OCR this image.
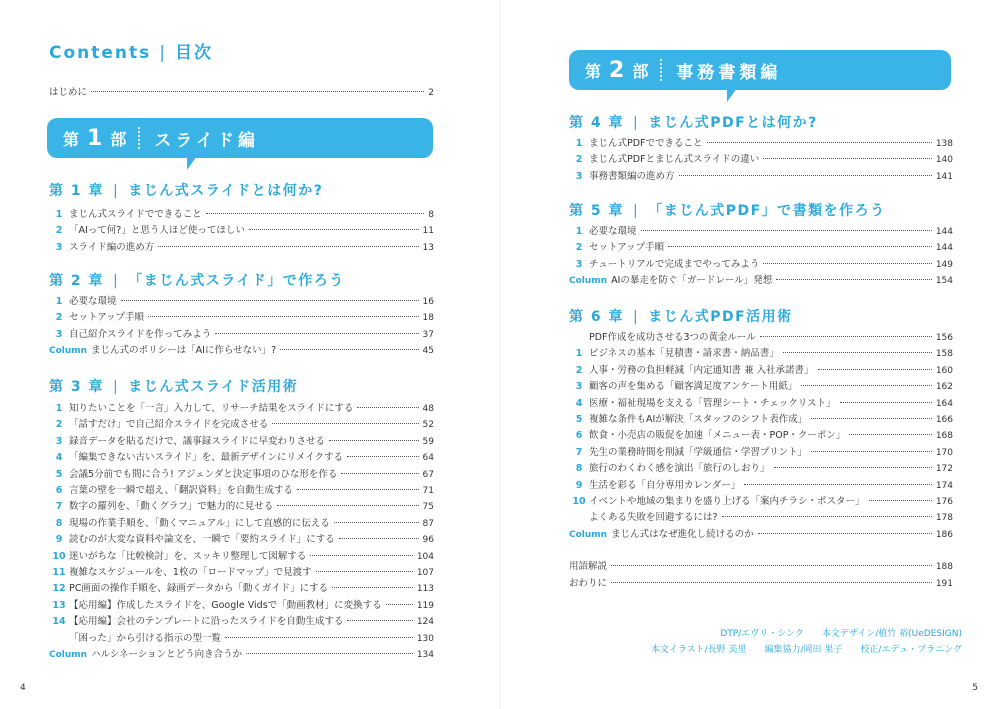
Contents | 目次
はじめに	2
第 1 部 スライド編
第 1 章 | まじん式スライドとは何か?
1 まじん式スライドでできること	8
2 「AIって何?」と思う人ほど使ってほしい	11
3 スライド編の進め方	13
第 2 章 | 「まじん式スライド」で作ろう
1 必要な環境	16
2 セットアップ手順	18
3 自己紹介スライドを作ってみよう	37
Column まじん式のポリシーは「AIに作らせない」?	45
第 3 章 | まじん式スライド活用術
1 知りたいことを「一言」入力して、リサーチ結果をスライドにする	48
2 「話すだけ」で自己紹介スライドを完成させる	52
3 録音データを貼るだけで、議事録スライドに早変わりさせる	59
4 「編集できない古いスライド」を、最新デザインにリメイクする	64
5 会議5分前でも間に合う! アジェンダと決定事項のひな形を作る	67
6 言葉の壁を一瞬で超え、「翻訳資料」を自動生成する	71
7 数字の羅列を、「動くグラフ」で魅力的に見せる	75
8 現場の作業手順を、「動くマニュアル」にして直感的に伝える	87
9 読むのが大変な資料や論文を、一瞬で「要約スライド」にする	96
10 迷いがちな「比較検討」を、スッキリ整理して図解する	104
11 複雑なスケジュールを、1枚の「ロードマップ」で見渡す	107
12 PC画面の操作手順を、録画データから「動くガイド」にする	113
13 【応用編】作成したスライドを、Google Vidsで「動画教材」に変換する	119
14 【応用編】会社のテンプレートに沿ったスライドを自動生成する	124
「困った」から引ける指示の型一覧	130
Column ハルシネーションとどう向き合うか	134
4
第 2 部 事務書類編
第 4 章 | まじん式PDFとは何か?
1 まじん式PDFでできること	138
2 まじん式PDFとまじん式スライドの違い	140
3 事務書類編の進め方	141
第 5 章 | 「まじん式PDF」で書類を作ろう
1 必要な環境	144
2 セットアップ手順	144
3 チュートリアルで完成までやってみよう	149
Column AIの暴走を防ぐ「ガードレール」発想	154
第 6 章 | まじん式PDF活用術
PDF作成を成功させる3つの黄金ルール	156
1 ビジネスの基本「見積書・請求書・納品書」	158
2 人事・労務の負担軽減「内定通知書 兼 入社承諾書」	160
3 顧客の声を集める「顧客満足度アンケート用紙」	162
4 医療・福祉現場を支える「管理シート・チェックリスト」	164
5 複雑な条件もAIが解決「スタッフのシフト表作成」	166
6 飲食・小売店の販促を加速「メニュー表・POP・クーポン」	168
7 先生の業務時間を削減「学級通信・学習プリント」	170
8 旅行のわくわく感を演出「旅行のしおり」	172
9 生活を彩る「自分専用カレンダー」	174
10 イベントや地域の集まりを盛り上げる「案内チラシ・ポスター」	176
よくある失敗を回避するには?	178
Column まじん式はなぜ進化し続けるのか	186
用語解説	188
おわりに	191
DTP/エヴリ・シンク　　本文デザイン/植竹 裕(UeDESIGN)
本文イラスト/長野 美里　　編集協力/岡田 果子　　校正/エデュ・プラニング
5
